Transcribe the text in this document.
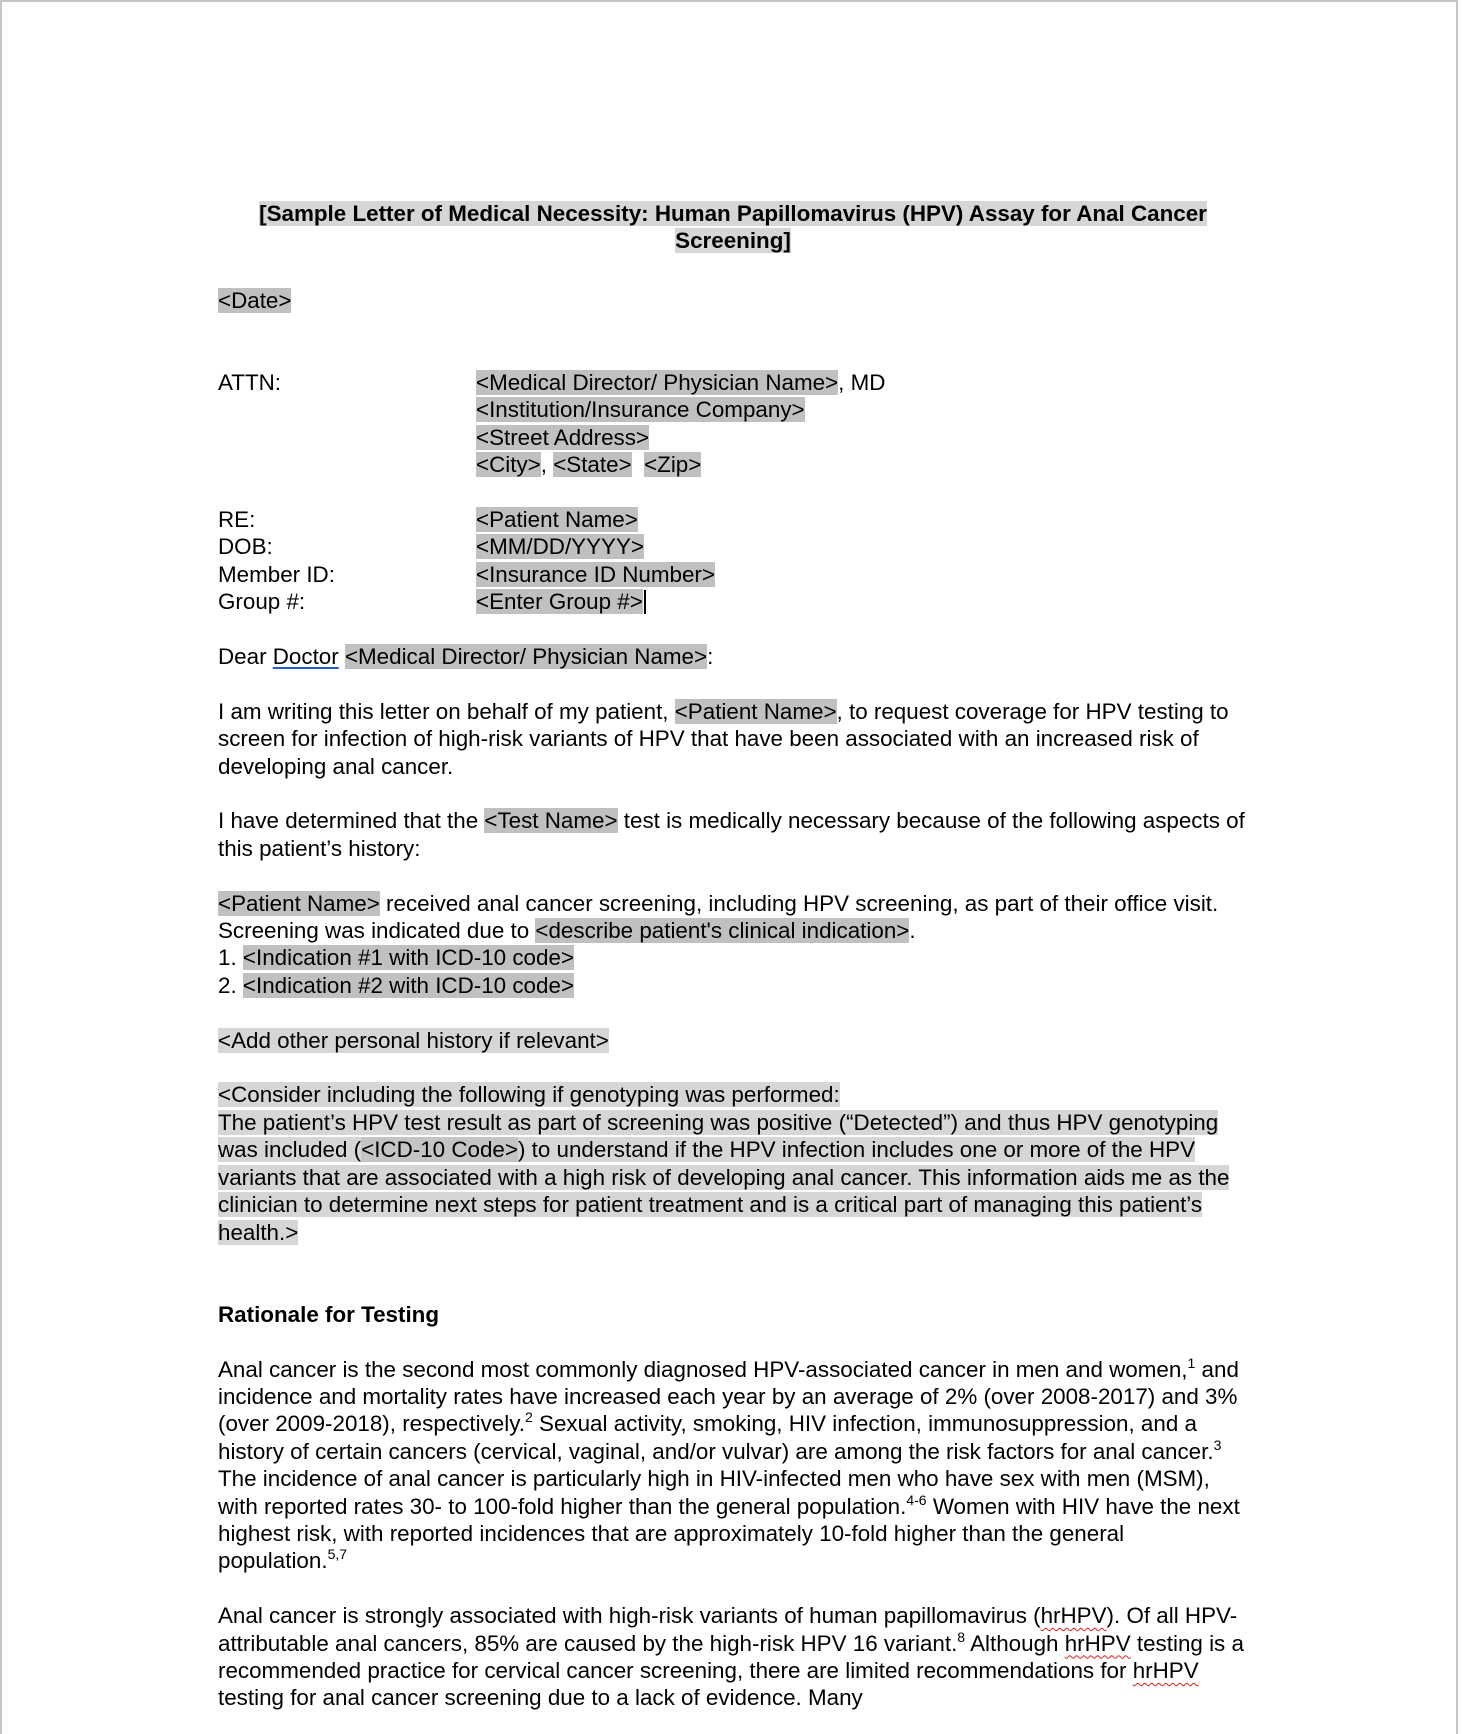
[Sample Letter of Medical Necessity: Human Papillomavirus (HPV) Assay for Anal Cancer Screening]

<Date>

ATTN:	<Medical Director/ Physician Name>, MD
<Institution/Insurance Company>
<Street Address>
<City>, <State> <Zip>
RE:	<Patient Name>
DOB:	<MM/DD/YYYY>
Member ID:	<Insurance ID Number>
Group #:	<Enter Group #>

Dear Doctor <Medical Director/ Physician Name>:

I am writing this letter on behalf of my patient, <Patient Name>, to request coverage for HPV testing to screen for infection of high-risk variants of HPV that have been associated with an increased risk of developing anal cancer.

I have determined that the <Test Name> test is medically necessary because of the following aspects of this patient’s history:

<Patient Name> received anal cancer screening, including HPV screening, as part of their office visit. Screening was indicated due to <describe patient's clinical indication>.

1. <Indication #1 with ICD-10 code>

2. <Indication #2 with ICD-10 code>

<Add other personal history if relevant>

<Consider including the following if genotyping was performed:
The patient’s HPV test result as part of screening was positive (“Detected”) and thus HPV genotyping was included (<ICD-10 Code>) to understand if the HPV infection includes one or more of the HPV variants that are associated with a high risk of developing anal cancer. This information aids me as the clinician to determine next steps for patient treatment and is a critical part of managing this patient’s health.>

Rationale for Testing

Anal cancer is the second most commonly diagnosed HPV-associated cancer in men and women,$^1$ and incidence and mortality rates have increased each year by an average of 2% (over 2008-2017) and 3% (over 2009-2018), respectively.$^2$ Sexual activity, smoking, HIV infection, immunosuppression, and a history of certain cancers (cervical, vaginal, and/or vulvar) are among the risk factors for anal cancer.$^3$ The incidence of anal cancer is particularly high in HIV-infected men who have sex with men (MSM), with reported rates 30- to 100-fold higher than the general population.$^{4-6}$ Women with HIV have the next highest risk, with reported incidences that are approximately 10-fold higher than the general population.$^{5,7}$

Anal cancer is strongly associated with high-risk variants of human papillomavirus (hrHPV). Of all HPV-attributable anal cancers, 85% are caused by the high-risk HPV 16 variant.$^8$ Although hrHPV testing is a recommended practice for cervical cancer screening, there are limited recommendations for hrHPV testing for anal cancer screening due to a lack of evidence. Many
